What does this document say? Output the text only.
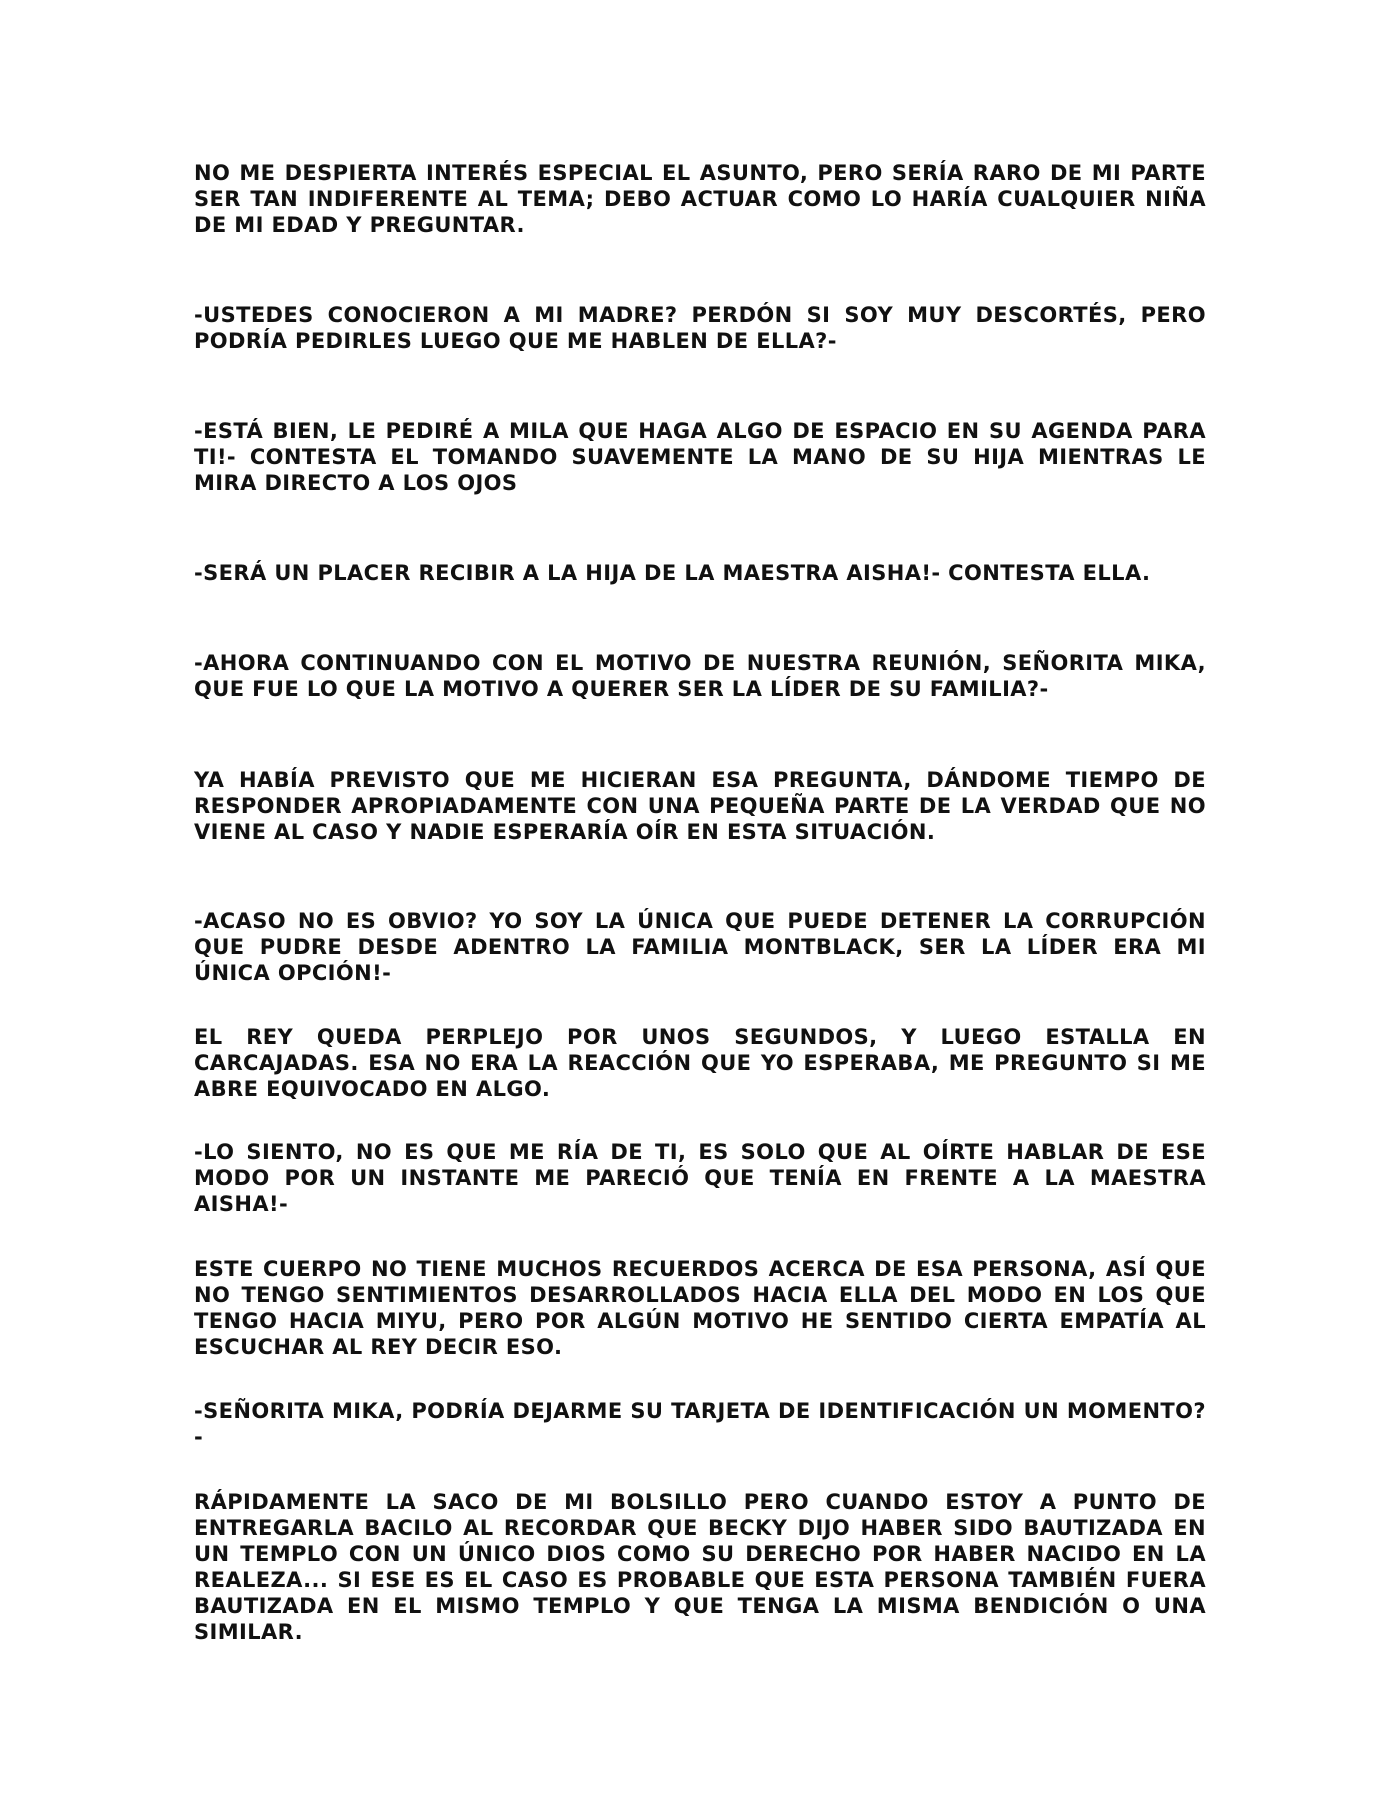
NO ME DESPIERTA INTERÉS ESPECIAL EL ASUNTO, PERO SERÍA RARO DE MI PARTE SER TAN INDIFERENTE AL TEMA; DEBO ACTUAR COMO LO HARÍA CUALQUIER NIÑA DE MI EDAD Y PREGUNTAR.

-USTEDES CONOCIERON A MI MADRE? PERDÓN SI SOY MUY DESCORTÉS, PERO PODRÍA PEDIRLES LUEGO QUE ME HABLEN DE ELLA?-

-ESTÁ BIEN, LE PEDIRÉ A MILA QUE HAGA ALGO DE ESPACIO EN SU AGENDA PARA TI!- CONTESTA EL TOMANDO SUAVEMENTE LA MANO DE SU HIJA MIENTRAS LE MIRA DIRECTO A LOS OJOS

-SERÁ UN PLACER RECIBIR A LA HIJA DE LA MAESTRA AISHA!- CONTESTA ELLA.

-AHORA CONTINUANDO CON EL MOTIVO DE NUESTRA REUNIÓN, SEÑORITA MIKA, QUE FUE LO QUE LA MOTIVO A QUERER SER LA LÍDER DE SU FAMILIA?-

YA HABÍA PREVISTO QUE ME HICIERAN ESA PREGUNTA, DÁNDOME TIEMPO DE RESPONDER APROPIADAMENTE CON UNA PEQUEÑA PARTE DE LA VERDAD QUE NO VIENE AL CASO Y NADIE ESPERARÍA OÍR EN ESTA SITUACIÓN.

-ACASO NO ES OBVIO? YO SOY LA ÚNICA QUE PUEDE DETENER LA CORRUPCIÓN QUE PUDRE DESDE ADENTRO LA FAMILIA MONTBLACK, SER LA LÍDER ERA MI ÚNICA OPCIÓN!-

EL REY QUEDA PERPLEJO POR UNOS SEGUNDOS, Y LUEGO ESTALLA EN CARCAJADAS. ESA NO ERA LA REACCIÓN QUE YO ESPERABA, ME PREGUNTO SI ME ABRE EQUIVOCADO EN ALGO.

-LO SIENTO, NO ES QUE ME RÍA DE TI, ES SOLO QUE AL OÍRTE HABLAR DE ESE MODO POR UN INSTANTE ME PARECIÓ QUE TENÍA EN FRENTE A LA MAESTRA AISHA!-

ESTE CUERPO NO TIENE MUCHOS RECUERDOS ACERCA DE ESA PERSONA, ASÍ QUE NO TENGO SENTIMIENTOS DESARROLLADOS HACIA ELLA DEL MODO EN LOS QUE TENGO HACIA MIYU, PERO POR ALGÚN MOTIVO HE SENTIDO CIERTA EMPATÍA AL ESCUCHAR AL REY DECIR ESO.

-SEÑORITA MIKA, PODRÍA DEJARME SU TARJETA DE IDENTIFICACIÓN UN MOMENTO?-

RÁPIDAMENTE LA SACO DE MI BOLSILLO PERO CUANDO ESTOY A PUNTO DE ENTREGARLA BACILO AL RECORDAR QUE BECKY DIJO HABER SIDO BAUTIZADA EN UN TEMPLO CON UN ÚNICO DIOS COMO SU DERECHO POR HABER NACIDO EN LA REALEZA... SI ESE ES EL CASO ES PROBABLE QUE ESTA PERSONA TAMBIÉN FUERA BAUTIZADA EN EL MISMO TEMPLO Y QUE TENGA LA MISMA BENDICIÓN O UNA SIMILAR.
